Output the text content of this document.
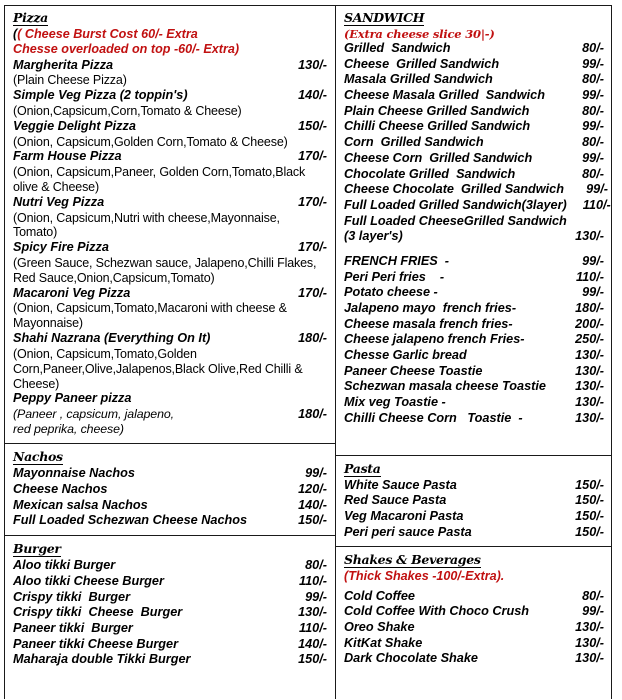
Pizza
(( Cheese Burst Cost 60/- Extra
Chesse overloaded on top -60/- Extra)
Margherita Pizza	130/-
(Plain Cheese Pizza)
Simple Veg Pizza (2 toppin's)	140/-
(Onion,Capsicum,Corn,Tomato & Cheese)
Veggie Delight Pizza	150/-
(Onion, Capsicum,Golden Corn,Tomato & Cheese)
Farm House Pizza	170/-
(Onion, Capsicum,Paneer, Golden Corn,Tomato,Black olive & Cheese)
Nutri Veg Pizza	170/-
(Onion, Capsicum,Nutri with cheese,Mayonnaise, Tomato)
Spicy Fire Pizza	170/-
(Green Sauce, Schezwan sauce, Jalapeno,Chilli Flakes, Red Sauce,Onion,Capsicum,Tomato)
Macaroni Veg Pizza	170/-
(Onion, Capsicum,Tomato,Macaroni with cheese & Mayonnaise)
Shahi Nazrana (Everything On It)	180/-
(Onion, Capsicum,Tomato,Golden Corn,Paneer,Olive,Jalapenos,Black Olive,Red Chilli & Cheese)
Peppy Paneer pizza
(Paneer , capsicum, jalapeno,	180/-
red peprika, cheese)
Nachos
Mayonnaise Nachos	99/-
Cheese Nachos	120/-
Mexican salsa Nachos	140/-
Full Loaded Schezwan Cheese Nachos	150/-
Burger
Aloo tikki Burger	80/-
Aloo tikki Cheese Burger	110/-
Crispy tikki  Burger	99/-
Crispy tikki  Cheese  Burger	130/-
Paneer tikki  Burger	110/-
Paneer tikki Cheese Burger	140/-
Maharaja double Tikki Burger	150/-
SANDWICH
(Extra cheese slice 30|-)
Grilled  Sandwich	80/-
Cheese  Grilled Sandwich	99/-
Masala Grilled Sandwich	80/-
Cheese Masala Grilled  Sandwich	99/-
Plain Cheese Grilled Sandwich	80/-
Chilli Cheese Grilled Sandwich	99/-
Corn  Grilled Sandwich	80/-
Cheese Corn  Grilled Sandwich	99/-
Chocolate Grilled  Sandwich	80/-
Cheese Chocolate  Grilled Sandwich	99/-
Full Loaded Grilled Sandwich(3layer)	110/-
Full Loaded CheeseGrilled Sandwich
(3 layer's)	130/-
FRENCH FRIES  -	99/-
Peri Peri fries    -	110/-
Potato cheese -	99/-
Jalapeno mayo  french fries-	180/-
Cheese masala french fries-	200/-
Cheese jalapeno french Fries-	250/-
Chesse Garlic bread	130/-
Paneer Cheese Toastie	130/-
Schezwan masala cheese Toastie	130/-
Mix veg Toastie -	130/-
Chilli Cheese Corn   Toastie  -	130/-
Pasta
White Sauce Pasta	150/-
Red Sauce Pasta	150/-
Veg Macaroni Pasta	150/-
Peri peri sauce Pasta	150/-
Shakes & Beverages
(Thick Shakes -100/-Extra).
Cold Coffee	80/-
Cold Coffee With Choco Crush	99/-
Oreo Shake	130/-
KitKat Shake	130/-
Dark Chocolate Shake	130/-
